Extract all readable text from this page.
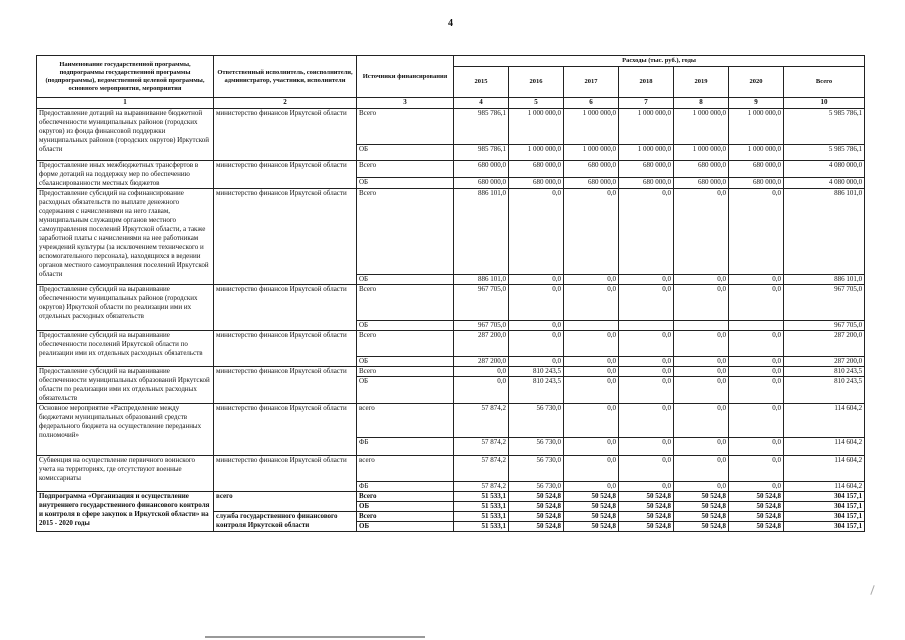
4
Наименование государственной программы, подпрограммы государственной программы (подпрограммы), ведомственной целевой программы, основного мероприятия, мероприятия	Ответственный исполнитель, соисполнители, администратор, участники, исполнители	Источники финансирования	Расходы (тыс. руб.), годы						
			2015	2016	2017	2018	2019	2020	Всего
1	2	3	4	5	6	7	8	9	10
Предоставление дотаций на выравнивание бюджетной обеспеченности муниципальных районов (городских округов) из фонда финансовой поддержки муниципальных районов (городских округов) Иркутской области	министерство финансов Иркутской области	Всего	985 786,1	1 000 000,0	1 000 000,0	1 000 000,0	1 000 000,0	1 000 000,0	5 985 786,1
		ОБ	985 786,1	1 000 000,0	1 000 000,0	1 000 000,0	1 000 000,0	1 000 000,0	5 985 786,1
Предоставление иных межбюджетных трансфертов в форме дотаций на поддержку мер по обеспечению сбалансированности местных бюджетов	министерство финансов Иркутской области	Всего	680 000,0	680 000,0	680 000,0	680 000,0	680 000,0	680 000,0	4 080 000,0
		ОБ	680 000,0	680 000,0	680 000,0	680 000,0	680 000,0	680 000,0	4 080 000,0
Предоставление субсидий на софинансирование расходных обязательств по выплате денежного содержания с начислениями на него главам, муниципальным служащим органов местного самоуправления поселений Иркутской области, а также заработной платы с начислениями на нее работникам учреждений культуры (за исключением технического и вспомогательного персонала), находящихся в ведении органов местного самоуправления поселений Иркутской области	министерство финансов Иркутской области	Всего	886 101,0	0,0	0,0	0,0	0,0	0,0	886 101,0
		ОБ	886 101,0	0,0	0,0	0,0	0,0	0,0	886 101,0
Предоставление субсидий на выравнивание обеспеченности муниципальных районов (городских округов) Иркутской области по реализации ими их отдельных расходных обязательств	министерство финансов Иркутской области	Всего	967 705,0	0,0	0,0	0,0	0,0	0,0	967 705,0
		ОБ	967 705,0	0,0					967 705,0
Предоставление субсидий на выравнивание обеспеченности поселений Иркутской области по реализации ими их отдельных расходных обязательств	министерство финансов Иркутской области	Всего	287 200,0	0,0	0,0	0,0	0,0	0,0	287 200,0
		ОБ	287 200,0	0,0	0,0	0,0	0,0	0,0	287 200,0
Предоставление субсидий на выравнивание обеспеченности муниципальных образований Иркутской области по реализации ими их отдельных расходных обязательств	министерство финансов Иркутской области	Всего	0,0	810 243,5	0,0	0,0	0,0	0,0	810 243,5
		ОБ	0,0	810 243,5	0,0	0,0	0,0	0,0	810 243,5
Основное мероприятие «Распределение между бюджетами муниципальных образований средств федерального бюджета на осуществление переданных полномочий»	министерство финансов Иркутской области	всего	57 874,2	56 730,0	0,0	0,0	0,0	0,0	114 604,2
		ФБ	57 874,2	56 730,0	0,0	0,0	0,0	0,0	114 604,2
Субвенция на осуществление первичного воинского учета на территориях, где отсутствуют военные комиссариаты	министерство финансов Иркутской области	всего	57 874,2	56 730,0	0,0	0,0	0,0	0,0	114 604,2
		ФБ	57 874,2	56 730,0	0,0	0,0	0,0	0,0	114 604,2
Подпрограмма «Организация и осуществление внутреннего государственного финансового контроля и контроля в сфере закупок в Иркутской области» на 2015 - 2020 годы	всего	Всего	51 533,1	50 524,8	50 524,8	50 524,8	50 524,8	50 524,8	304 157,1
		ОБ	51 533,1	50 524,8	50 524,8	50 524,8	50 524,8	50 524,8	304 157,1
	служба государственного финансового контроля Иркутской области	Всего	51 533,1	50 524,8	50 524,8	50 524,8	50 524,8	50 524,8	304 157,1
		ОБ	51 533,1	50 524,8	50 524,8	50 524,8	50 524,8	50 524,8	304 157,1
